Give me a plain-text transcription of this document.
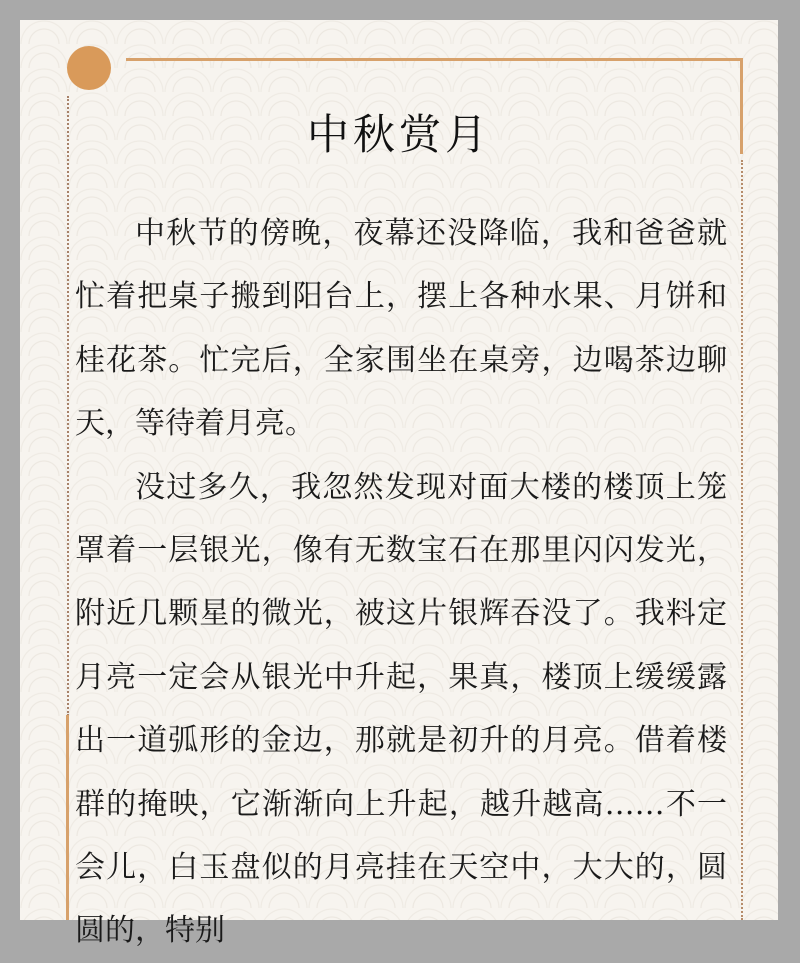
中秋赏月

中秋节的傍晚，夜幕还没降临，我和爸爸就忙着把桌子搬到阳台上，摆上各种水果、月饼和桂花茶。忙完后，全家围坐在桌旁，边喝茶边聊天，等待着月亮。

没过多久，我忽然发现对面大楼的楼顶上笼罩着一层银光，像有无数宝石在那里闪闪发光，附近几颗星的微光，被这片银辉吞没了。我料定月亮一定会从银光中升起，果真，楼顶上缓缓露出一道弧形的金边，那就是初升的月亮。借着楼群的掩映，它渐渐向上升起，越升越高……不一会儿，白玉盘似的月亮挂在天空中，大大的，圆圆的，特别
